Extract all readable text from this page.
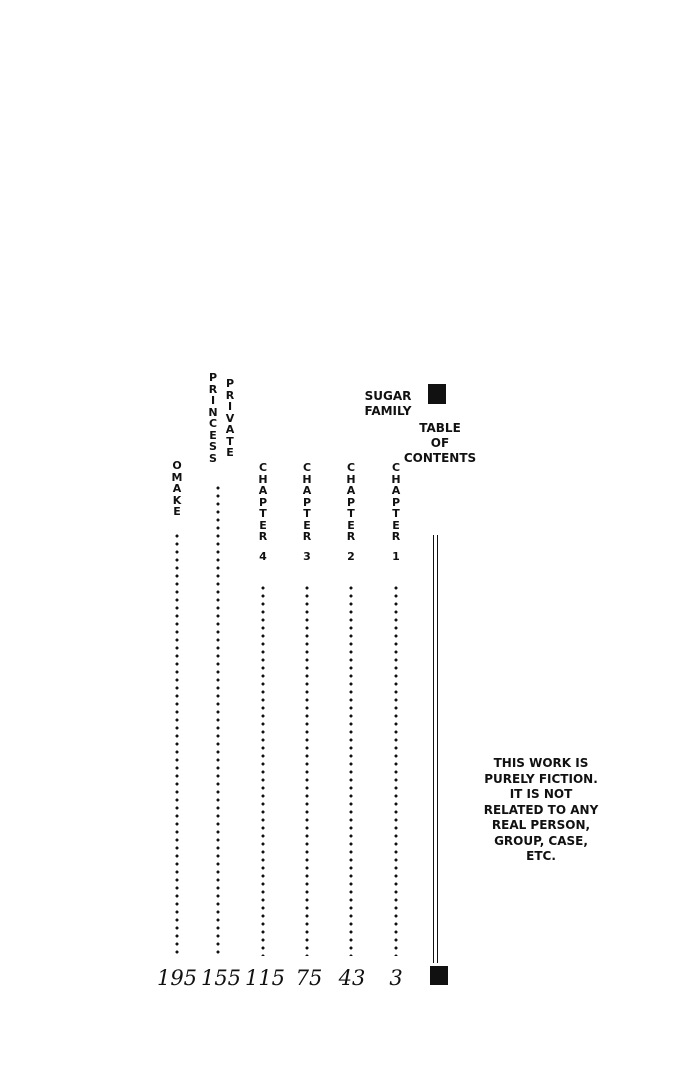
SUGAR
FAMILY
TABLE
OF
CONTENTS
C
H
A
P
T
E
R
1
3
C
H
A
P
T
E
R
2
43
C
H
A
P
T
E
R
3
75
C
H
A
P
T
E
R
4
115
P
R
I
V
A
T
E
P
R
I
N
C
E
S
S
155
O
M
A
K
E
195
THIS WORK IS
PURELY FICTION.
IT IS NOT
RELATED TO ANY
REAL PERSON,
GROUP, CASE,
ETC.
